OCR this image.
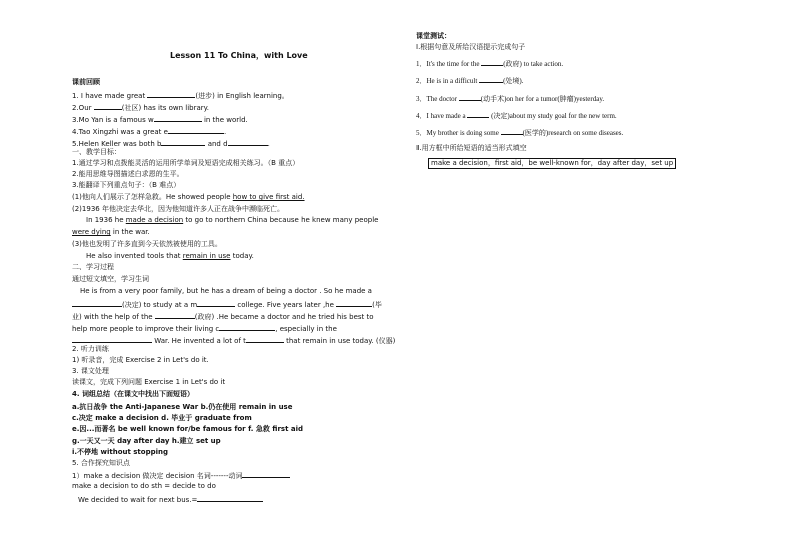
Lesson 11 To China，with Love
课前回顾
1. I have made great	(进步) in English learning。
2.Our	(社区) has its own library.
3.Mo Yan is a famous w	in the world.
4.Tao Xingzhi was a great e	.
5.Helen Keller was both b	and d	.
一、教学目标：
1.通过学习和点拨能灵活的运用所学单词及短语完成相关练习。（B 重点）
2.能用思维导图描述白求恩的生平。
3.能翻译下列重点句子：（B 难点）
(1)他向人们展示了怎样急救。He showed people how to give first aid.
(2)1936 年他决定去华北，因为他知道许多人正在战争中濒临死亡。
In 1936 he made a decision to go to northern China because he knew many people
were dying in the war.
(3)他也发明了许多直到今天依然被使用的工具。
He also invented tools that remain in use today.
二、学习过程
通过短文填空，学习生词
He is from a very poor family, but he has a dream of being a doctor . So he made a
(决定) to study at a m	college. Five years later ,he	(毕
业) with the help of the	(政府) .He became a doctor and he tried his best to
help more people to improve their living c	, especially in the
War. He invented a lot of t	that remain in use today. (仪器)
2. 听力训练
1) 听录音，完成 Exercise 2 in Let's do it.
3. 课文处理
读课文，完成下列问题 Exercise 1 in Let's do it
4. 词组总结（在课文中找出下面短语）
a.抗日战争 the Anti-Japanese War b.仍在使用 remain in use
c.决定 make a decision d. 毕业于 graduate from
e.因...而著名 be well known for/be famous for f. 急救 first aid
g.一天又一天 day after day h.建立 set up
i.不停地 without stopping
5. 合作探究知识点
1）make a decision 做决定 decision 名词-------动词
make a decision to do sth = decide to do
We decided to wait for next bus.=
课堂测试：
Ⅰ.根据句意及所给汉语提示完成句子
1．It's the time for the	(政府) to take action.
2．He is in a difficult	(处境).
3．The doctor	(动手术)on her for a tumor(肿瘤)yesterday.
4．I have made a	(决定)about my study goal for the new term.
5．My brother is doing some	(医学的)research on some diseases.
Ⅱ.用方框中所给短语的适当形式填空
make a decision，first aid，be well-known for，day after day，set up
